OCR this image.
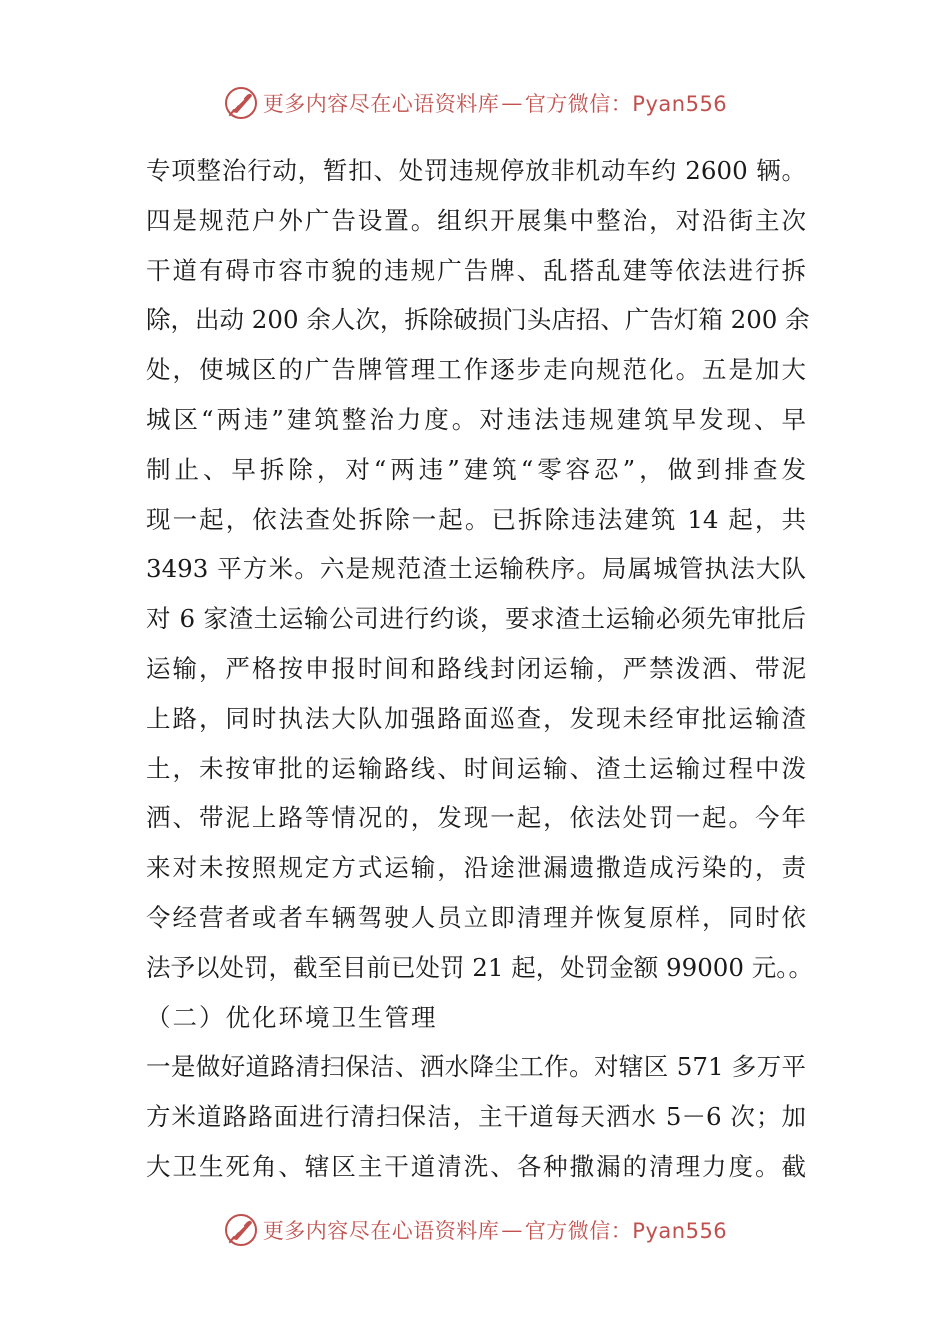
更多内容尽在心语资料库 — 官方微信：Pyan556
专项整治行动，暂扣、处罚违规停放非机动车约 2600 辆。
四是规范户外广告设置。组织开展集中整治，对沿街主次
干道有碍市容市貌的违规广告牌、乱搭乱建等依法进行拆
除，出动 200 余人次，拆除破损门头店招、广告灯箱 200 余
处，使城区的广告牌管理工作逐步走向规范化。五是加大
城区“两违”建筑整治力度。对违法违规建筑早发现、早
制止、早拆除，对“两违”建筑“零容忍”，做到排查发
现一起，依法查处拆除一起。已拆除违法建筑 14 起，共
3493 平方米。六是规范渣土运输秩序。局属城管执法大队
对 6 家渣土运输公司进行约谈，要求渣土运输必须先审批后
运输，严格按申报时间和路线封闭运输，严禁泼洒、带泥
上路，同时执法大队加强路面巡查，发现未经审批运输渣
土，未按审批的运输路线、时间运输、渣土运输过程中泼
洒、带泥上路等情况的，发现一起，依法处罚一起。今年
来对未按照规定方式运输，沿途泄漏遗撒造成污染的，责
令经营者或者车辆驾驶人员立即清理并恢复原样，同时依
法予以处罚，截至目前已处罚 21 起，处罚金额 99000 元。。
（二）优化环境卫生管理
一是做好道路清扫保洁、洒水降尘工作。对辖区 571 多万平
方米道路路面进行清扫保洁，主干道每天洒水 5－6 次；加
大卫生死角、辖区主干道清洗、各种撒漏的清理力度。截
更多内容尽在心语资料库 — 官方微信：Pyan556
